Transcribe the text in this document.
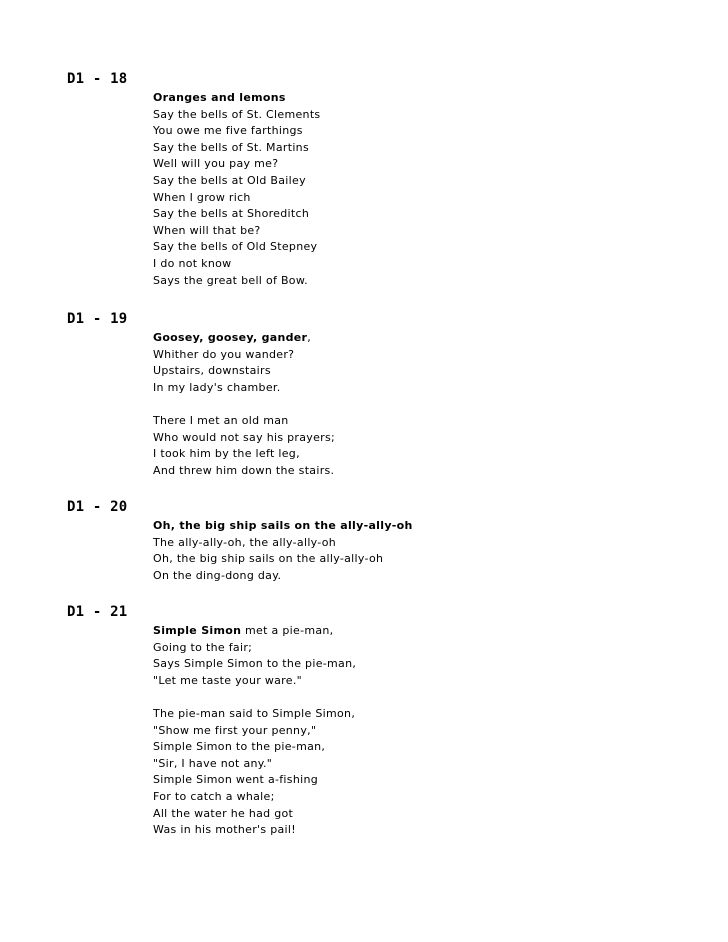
D1 - 18
Oranges and lemons
Say the bells of St. Clements
You owe me five farthings
Say the bells of St. Martins
Well will you pay me?
Say the bells at Old Bailey
When I grow rich
Say the bells at Shoreditch
When will that be?
Say the bells of Old Stepney
I do not know
Says the great bell of Bow.
D1 - 19
Goosey, goosey, gander,
Whither do you wander?
Upstairs, downstairs
In my lady's chamber.
There I met an old man
Who would not say his prayers;
I took him by the left leg,
And threw him down the stairs.
D1 - 20
Oh, the big ship sails on the ally-ally-oh
The ally-ally-oh, the ally-ally-oh
Oh, the big ship sails on the ally-ally-oh
On the ding-dong day.
D1 - 21
Simple Simon met a pie-man,
Going to the fair;
Says Simple Simon to the pie-man,
"Let me taste your ware."
The pie-man said to Simple Simon,
"Show me first your penny,"
Simple Simon to the pie-man,
"Sir, I have not any."
Simple Simon went a-fishing
For to catch a whale;
All the water he had got
Was in his mother's pail!
